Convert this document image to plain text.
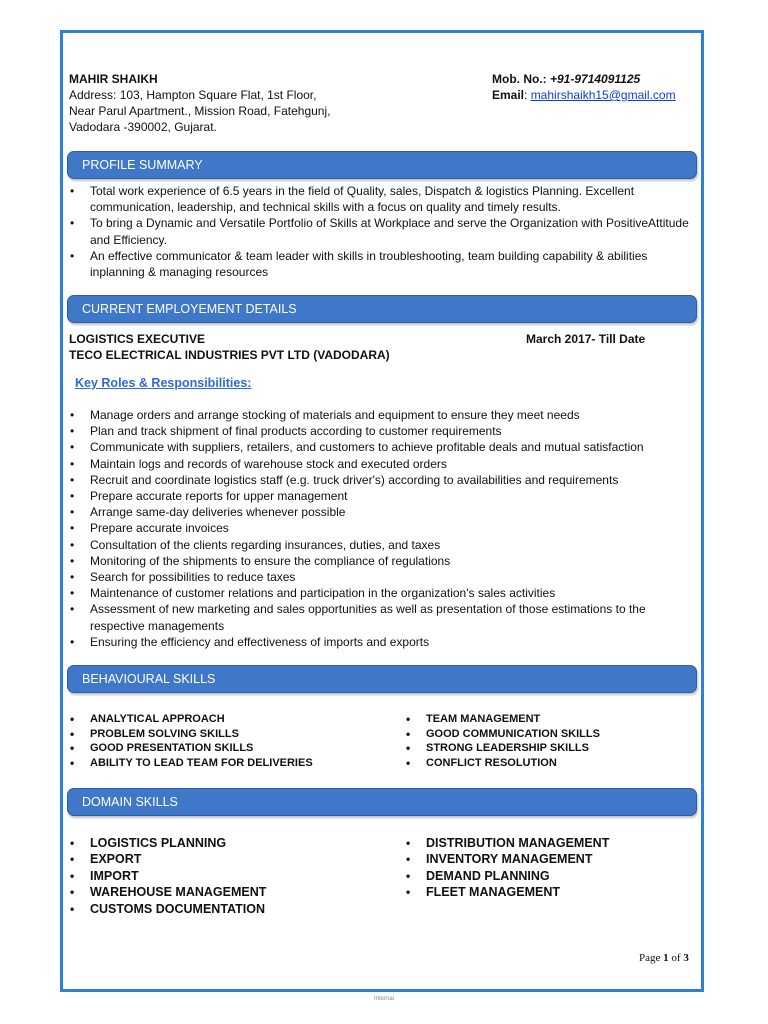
MAHIR SHAIKH
Address: 103, Hampton Square Flat, 1st Floor,
Near Parul Apartment., Mission Road, Fatehgunj,
Vadodara -390002, Gujarat.
Mob. No.: +91-9714091125
Email: mahirshaikh15@gmail.com
PROFILE SUMMARY
• Total work experience of 6.5 years in the field of Quality, sales, Dispatch & logistics Planning. Excellent communication, leadership, and technical skills with a focus on quality and timely results.
• To bring a Dynamic and Versatile Portfolio of Skills at Workplace and serve the Organization with PositiveAttitude and Efficiency.
• An effective communicator & team leader with skills in troubleshooting, team building capability & abilities inplanning & managing resources
CURRENT EMPLOYEMENT DETAILS
LOGISTICS EXECUTIVE
TECO ELECTRICAL INDUSTRIES PVT LTD (VADODARA)
March 2017- Till Date
Key Roles & Responsibilities:
• Manage orders and arrange stocking of materials and equipment to ensure they meet needs
• Plan and track shipment of final products according to customer requirements
• Communicate with suppliers, retailers, and customers to achieve profitable deals and mutual satisfaction
• Maintain logs and records of warehouse stock and executed orders
• Recruit and coordinate logistics staff (e.g. truck driver's) according to availabilities and requirements
• Prepare accurate reports for upper management
• Arrange same-day deliveries whenever possible
• Prepare accurate invoices
• Consultation of the clients regarding insurances, duties, and taxes
• Monitoring of the shipments to ensure the compliance of regulations
• Search for possibilities to reduce taxes
• Maintenance of customer relations and participation in the organization's sales activities
• Assessment of new marketing and sales opportunities as well as presentation of those estimations to the respective managements
• Ensuring the efficiency and effectiveness of imports and exports
BEHAVIOURAL SKILLS
• ANALYTICAL APPROACH
• PROBLEM SOLVING SKILLS
• GOOD PRESENTATION SKILLS
• ABILITY TO LEAD TEAM FOR DELIVERIES
• TEAM MANAGEMENT
• GOOD COMMUNICATION SKILLS
• STRONG LEADERSHIP SKILLS
• CONFLICT RESOLUTION
DOMAIN SKILLS
• LOGISTICS PLANNING
• EXPORT
• IMPORT
• WAREHOUSE MANAGEMENT
• CUSTOMS DOCUMENTATION
• DISTRIBUTION MANAGEMENT
• INVENTORY MANAGEMENT
• DEMAND PLANNING
• FLEET MANAGEMENT
Page 1 of 3
Internal
